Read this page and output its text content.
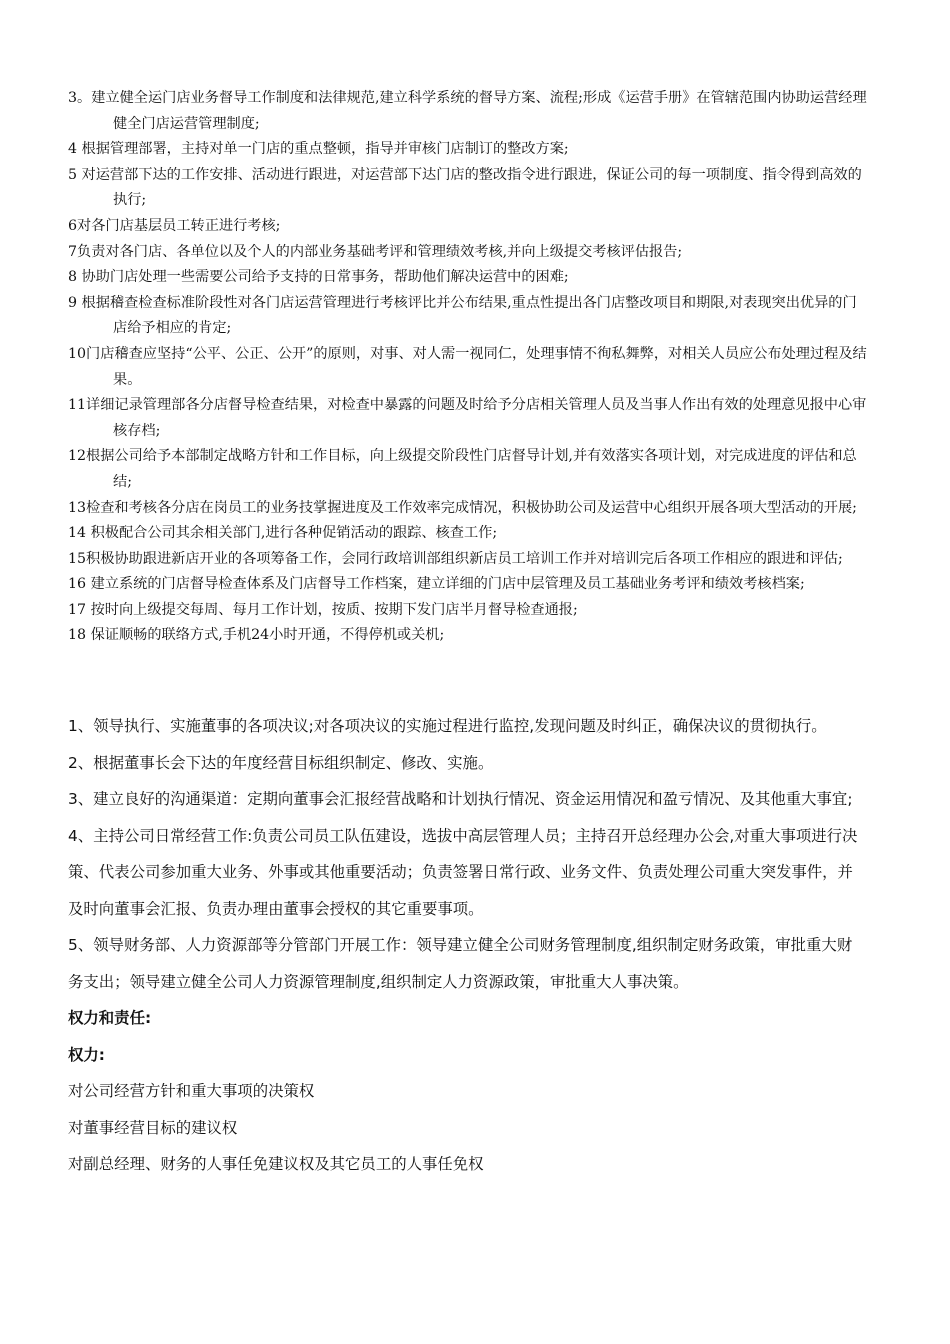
3。建立健全运门店业务督导工作制度和法律规范,建立科学系统的督导方案、流程;形成《运营手册》在管辖范围内协助运营经理健全门店运营管理制度;
4 根据管理部署，主持对单一门店的重点整顿，指导并审核门店制订的整改方案;
5 对运营部下达的工作安排、活动进行跟进，对运营部下达门店的整改指令进行跟进，保证公司的每一项制度、指令得到高效的执行;
6对各门店基层员工转正进行考核;
7负责对各门店、各单位以及个人的内部业务基础考评和管理绩效考核,并向上级提交考核评估报告;
8 协助门店处理一些需要公司给予支持的日常事务，帮助他们解决运营中的困难;
9 根据稽查检查标准阶段性对各门店运营管理进行考核评比并公布结果,重点性提出各门店整改项目和期限,对表现突出优异的门店给予相应的肯定;
10门店稽查应坚持“公平、公正、公开”的原则，对事、对人需一视同仁，处理事情不徇私舞弊，对相关人员应公布处理过程及结果。
11详细记录管理部各分店督导检查结果，对检查中暴露的问题及时给予分店相关管理人员及当事人作出有效的处理意见报中心审核存档;
12根据公司给予本部制定战略方针和工作目标，向上级提交阶段性门店督导计划,并有效落实各项计划，对完成进度的评估和总结;
13检查和考核各分店在岗员工的业务技掌握进度及工作效率完成情况，积极协助公司及运营中心组织开展各项大型活动的开展;
14 积极配合公司其余相关部门,进行各种促销活动的跟踪、核查工作;
15积极协助跟进新店开业的各项筹备工作，会同行政培训部组织新店员工培训工作并对培训完后各项工作相应的跟进和评估;
16 建立系统的门店督导检查体系及门店督导工作档案，建立详细的门店中层管理及员工基础业务考评和绩效考核档案;
17 按时向上级提交每周、每月工作计划，按质、按期下发门店半月督导检查通报;
18 保证顺畅的联络方式,手机24小时开通，不得停机或关机;
1、领导执行、实施董事的各项决议;对各项决议的实施过程进行监控,发现问题及时纠正，确保决议的贯彻执行。
2、根据董事长会下达的年度经营目标组织制定、修改、实施。
3、建立良好的沟通渠道：定期向董事会汇报经营战略和计划执行情况、资金运用情况和盈亏情况、及其他重大事宜;
4、主持公司日常经营工作:负责公司员工队伍建设，选拔中高层管理人员；主持召开总经理办公会,对重大事项进行决策、代表公司参加重大业务、外事或其他重要活动；负责签署日常行政、业务文件、负责处理公司重大突发事件，并及时向董事会汇报、负责办理由董事会授权的其它重要事项。
5、领导财务部、人力资源部等分管部门开展工作：领导建立健全公司财务管理制度,组织制定财务政策，审批重大财务支出；领导建立健全公司人力资源管理制度,组织制定人力资源政策，审批重大人事决策。
权力和责任:
权力:
对公司经营方针和重大事项的决策权
对董事经营目标的建议权
对副总经理、财务的人事任免建议权及其它员工的人事任免权
